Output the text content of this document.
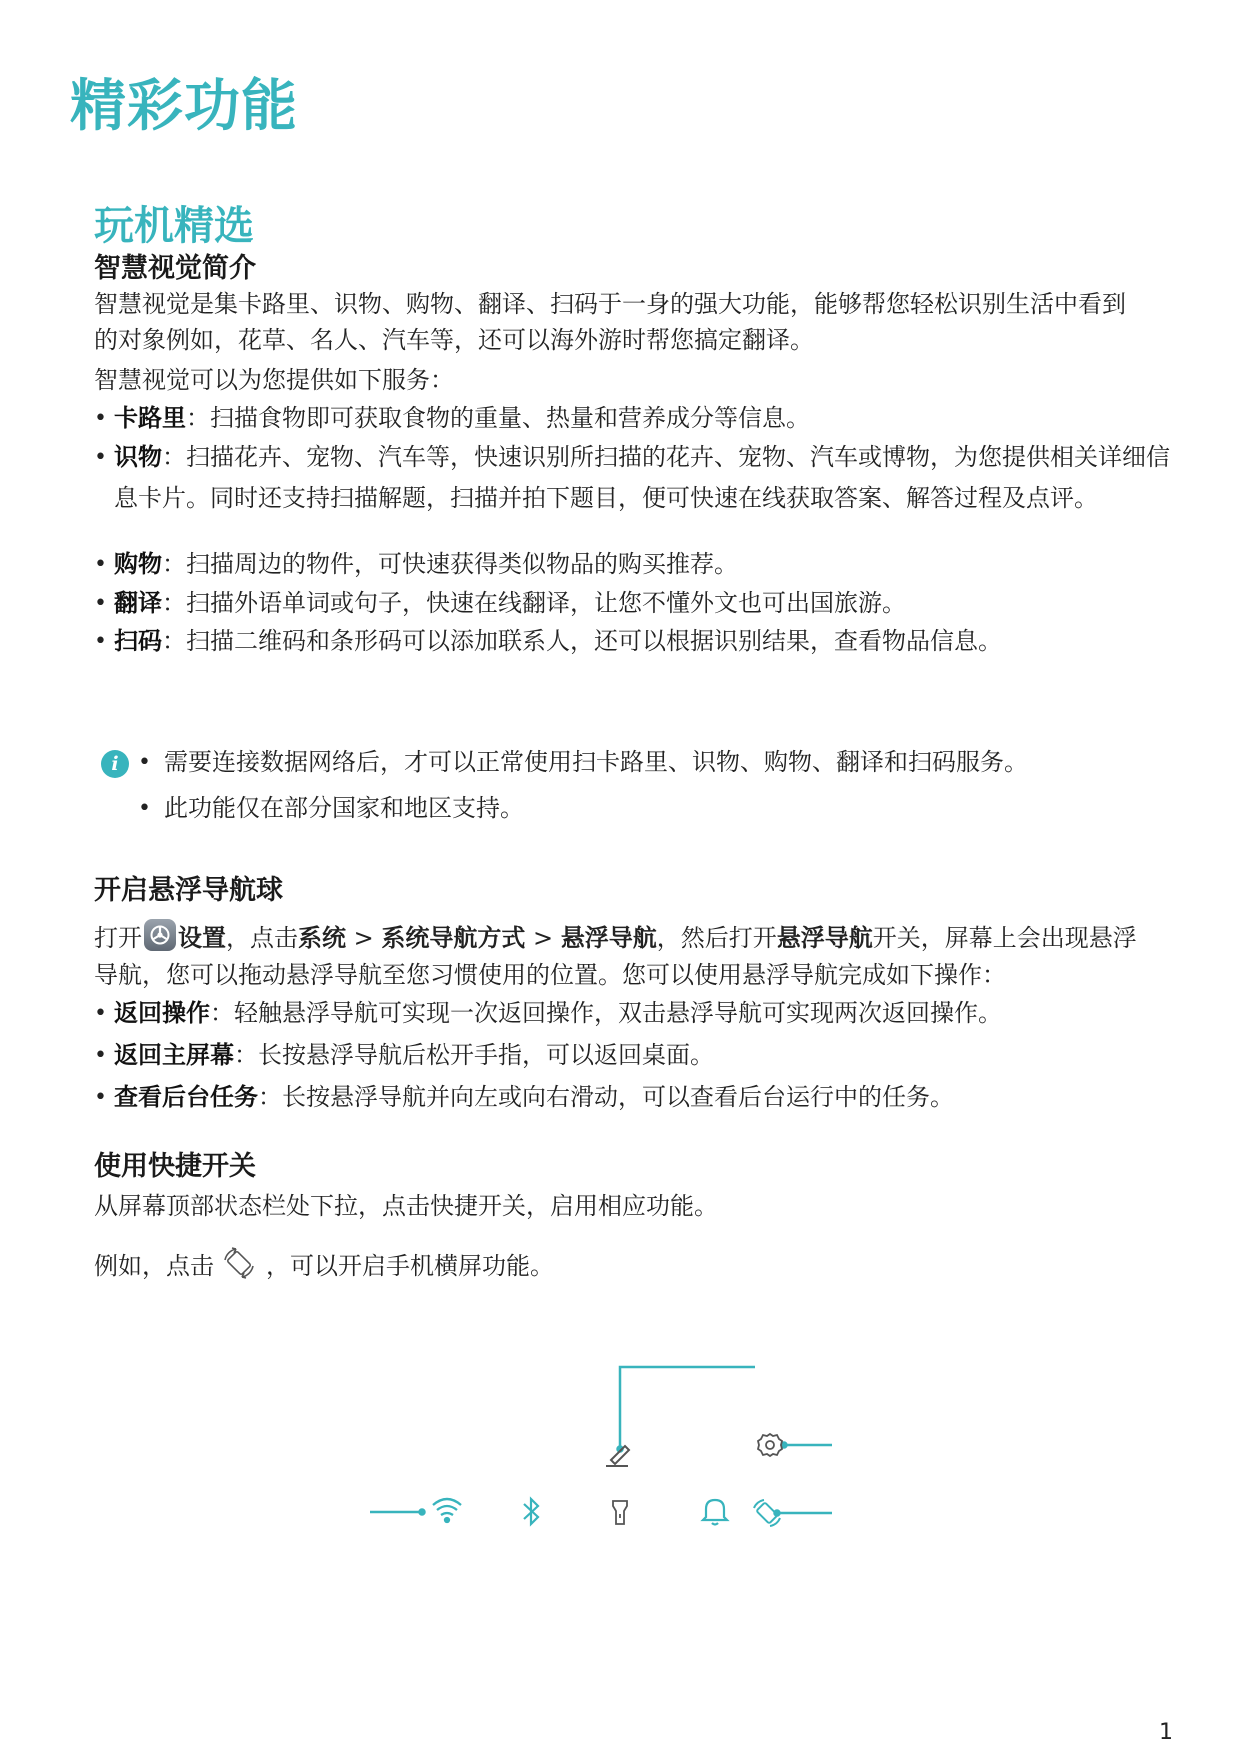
精彩功能
玩机精选
智慧视觉简介
智慧视觉是集卡路里、识物、购物、翻译、扫码于一身的强大功能，能够帮您轻松识别生活中看到
的对象例如，花草、名人、汽车等，还可以海外游时帮您搞定翻译。
智慧视觉可以为您提供如下服务：
• 卡路里：扫描食物即可获取食物的重量、热量和营养成分等信息。
• 识物：扫描花卉、宠物、汽车等，快速识别所扫描的花卉、宠物、汽车或博物，为您提供相关详细信息卡片。同时还支持扫描解题，扫描并拍下题目，便可快速在线获取答案、解答过程及点评。
• 购物：扫描周边的物件，可快速获得类似物品的购买推荐。
• 翻译：扫描外语单词或句子，快速在线翻译，让您不懂外文也可出国旅游。
• 扫码：扫描二维码和条形码可以添加联系人，还可以根据识别结果，查看物品信息。
i • 需要连接数据网络后，才可以正常使用扫卡路里、识物、购物、翻译和扫码服务。
• 此功能仅在部分国家和地区支持。
开启悬浮导航球
打开 设置，点击系统 > 系统导航方式 > 悬浮导航，然后打开悬浮导航开关，屏幕上会出现悬浮
导航，您可以拖动悬浮导航至您习惯使用的位置。您可以使用悬浮导航完成如下操作：
• 返回操作：轻触悬浮导航可实现一次返回操作，双击悬浮导航可实现两次返回操作。
• 返回主屏幕：长按悬浮导航后松开手指，可以返回桌面。
• 查看后台任务：长按悬浮导航并向左或向右滑动，可以查看后台运行中的任务。
使用快捷开关
从屏幕顶部状态栏处下拉，点击快捷开关，启用相应功能。
例如，点击 ，可以开启手机横屏功能。
1
